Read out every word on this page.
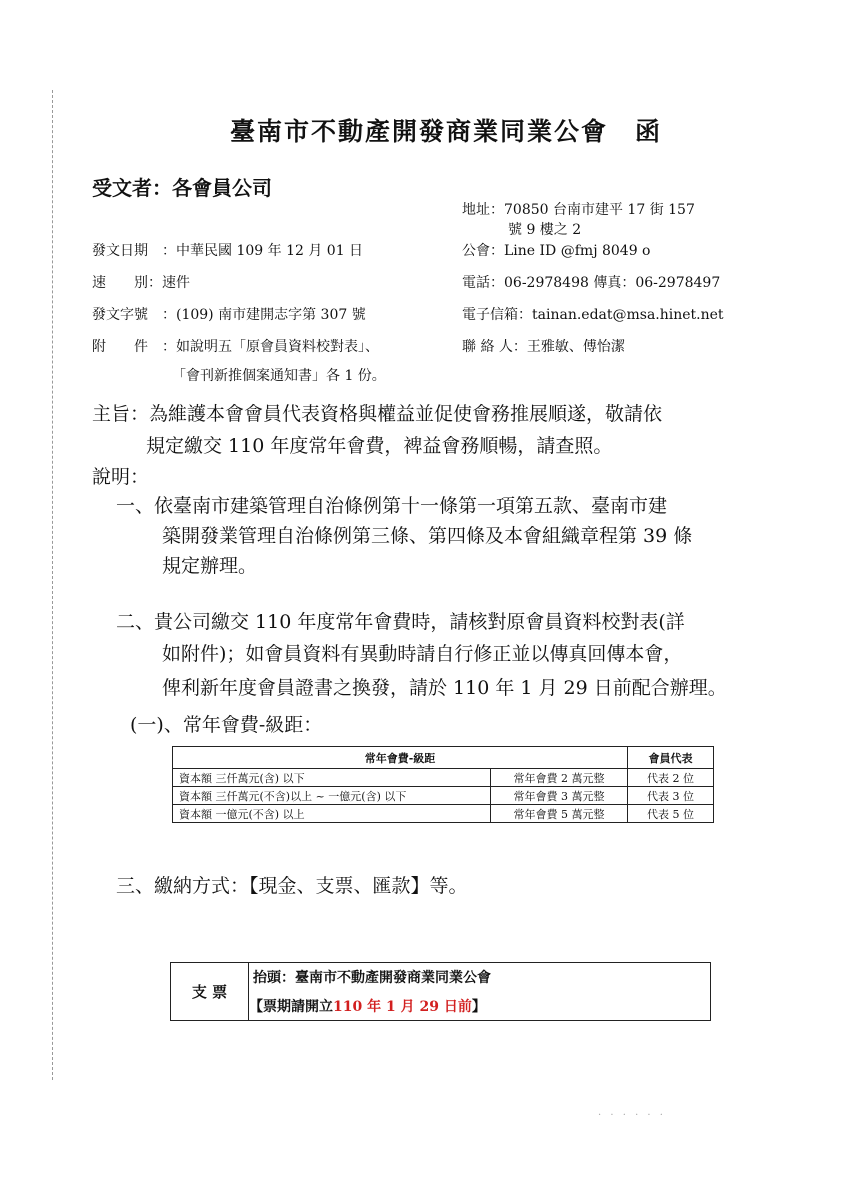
臺南市不動產開發商業同業公會　函
受文者：各會員公司
地址：70850 台南市建平 17 街 157
號 9 樓之 2
公會：Line ID @fmj 8049 o
電話：06-2978498 傳真：06-2978497
電子信箱：tainan.edat@msa.hinet.net
聯 絡 人：王雅敏、傅怡潔
發文日期　：中華民國 109 年 12 月 01 日
速　　別：速件
發文字號　：(109) 南市建開志字第 307 號
附　　件　：如說明五「原會員資料校對表」、
「會刊新推個案通知書」各 1 份。
主旨：為維護本會會員代表資格與權益並促使會務推展順遂，敬請依
規定繳交 110 年度常年會費，裨益會務順暢，請查照。
說明：
一、依臺南市建築管理自治條例第十一條第一項第五款、臺南市建
築開發業管理自治條例第三條、第四條及本會組織章程第 39 條
規定辦理。
二、貴公司繳交 110 年度常年會費時，請核對原會員資料校對表(詳
如附件)；如會員資料有異動時請自行修正並以傳真回傳本會，
俾利新年度會員證書之換發，請於 110 年 1 月 29 日前配合辦理。
(一)、常年會費-級距：
常年會費-級距		會員代表
資本額 三仟萬元(含) 以下	常年會費 2 萬元整	代表 2 位
資本額 三仟萬元(不含)以上 ~ 一億元(含) 以下	常年會費 3 萬元整	代表 3 位
資本額 一億元(不含) 以上	常年會費 5 萬元整	代表 5 位
三、繳納方式：【現金、支票、匯款】等。
支 票	抬頭：臺南市不動產開發商業同業公會
【票期請開立110 年 1 月 29 日前】
· · · · · ·
